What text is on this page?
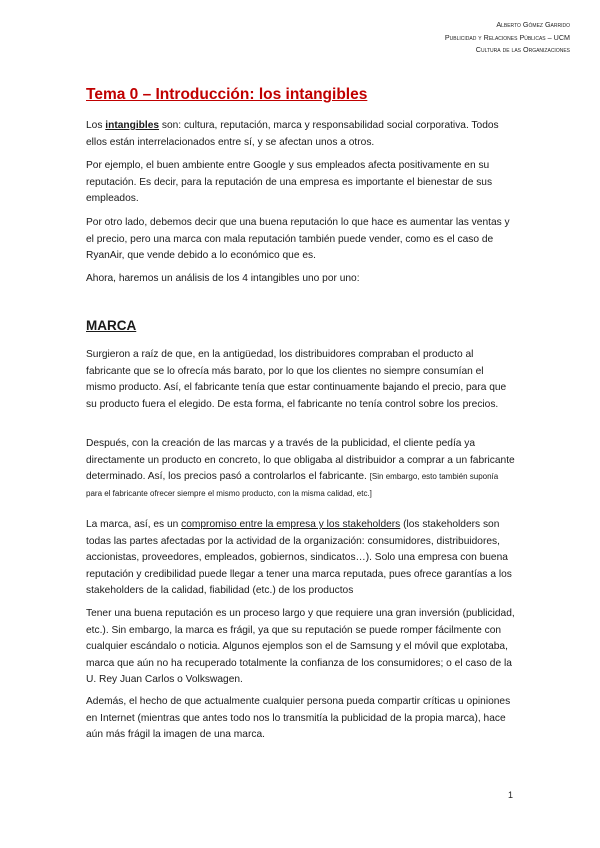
Alberto Gómez Garrido
Publicidad y Relaciones Públicas – UCM
Cultura de las Organizaciones
Tema 0 – Introducción: los intangibles

Los intangibles son: cultura, reputación, marca y responsabilidad social corporativa. Todos ellos están interrelacionados entre sí, y se afectan unos a otros.

Por ejemplo, el buen ambiente entre Google y sus empleados afecta positivamente en su reputación. Es decir, para la reputación de una empresa es importante el bienestar de sus empleados.

Por otro lado, debemos decir que una buena reputación lo que hace es aumentar las ventas y el precio, pero una marca con mala reputación también puede vender, como es el caso de RyanAir, que vende debido a lo económico que es.

Ahora, haremos un análisis de los 4 intangibles uno por uno:

MARCA

Surgieron a raíz de que, en la antigüedad, los distribuidores compraban el producto al fabricante que se lo ofrecía más barato, por lo que los clientes no siempre consumían el mismo producto. Así, el fabricante tenía que estar continuamente bajando el precio, para que su producto fuera el elegido. De esta forma, el fabricante no tenía control sobre los precios.

Después, con la creación de las marcas y a través de la publicidad, el cliente pedía ya directamente un producto en concreto, lo que obligaba al distribuidor a comprar a un fabricante determinado. Así, los precios pasó a controlarlos el fabricante. [Sin embargo, esto también suponía para el fabricante ofrecer siempre el mismo producto, con la misma calidad, etc.]

La marca, así, es un compromiso entre la empresa y los stakeholders (los stakeholders son todas las partes afectadas por la actividad de la organización: consumidores, distribuidores, accionistas, proveedores, empleados, gobiernos, sindicatos…). Solo una empresa con buena reputación y credibilidad puede llegar a tener una marca reputada, pues ofrece garantías a los stakeholders de la calidad, fiabilidad (etc.) de los productos

Tener una buena reputación es un proceso largo y que requiere una gran inversión (publicidad, etc.). Sin embargo, la marca es frágil, ya que su reputación se puede romper fácilmente con cualquier escándalo o noticia. Algunos ejemplos son el de Samsung y el móvil que explotaba, marca que aún no ha recuperado totalmente la confianza de los consumidores; o el caso de la U. Rey Juan Carlos o Volkswagen.

Además, el hecho de que actualmente cualquier persona pueda compartir críticas u opiniones en Internet (mientras que antes todo nos lo transmitía la publicidad de la propia marca), hace aún más frágil la imagen de una marca.

1
